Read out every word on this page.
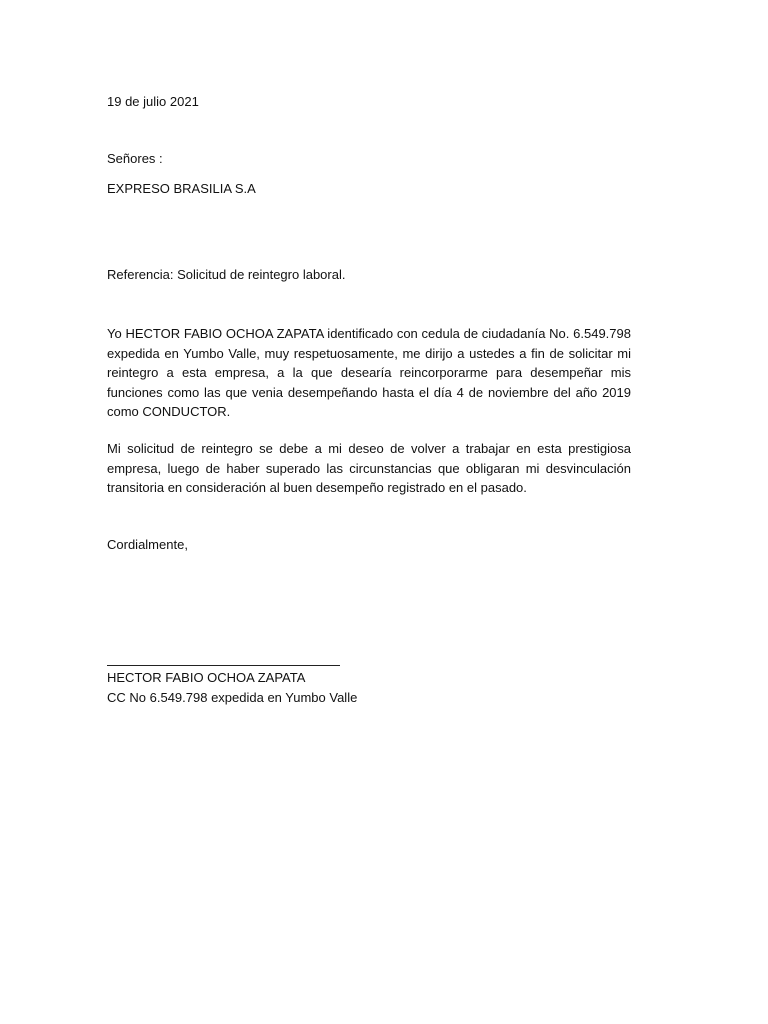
19 de julio 2021
Señores :
EXPRESO BRASILIA S.A
Referencia: Solicitud de reintegro laboral.

Yo HECTOR FABIO OCHOA ZAPATA identificado con cedula de ciudadanía No. 6.549.798 expedida en Yumbo Valle, muy respetuosamente, me dirijo a ustedes a fin de solicitar mi reintegro a esta empresa, a la que desearía reincorporarme para desempeñar mis funciones como las que venia desempeñando hasta el día 4 de noviembre del año 2019 como CONDUCTOR.

Mi solicitud de reintegro se debe a mi deseo de volver a trabajar en esta prestigiosa empresa, luego de haber superado las circunstancias que obligaran mi desvinculación transitoria en consideración al buen desempeño registrado en el pasado.

Cordialmente,
HECTOR FABIO OCHOA ZAPATA
CC No 6.549.798 expedida en Yumbo Valle
